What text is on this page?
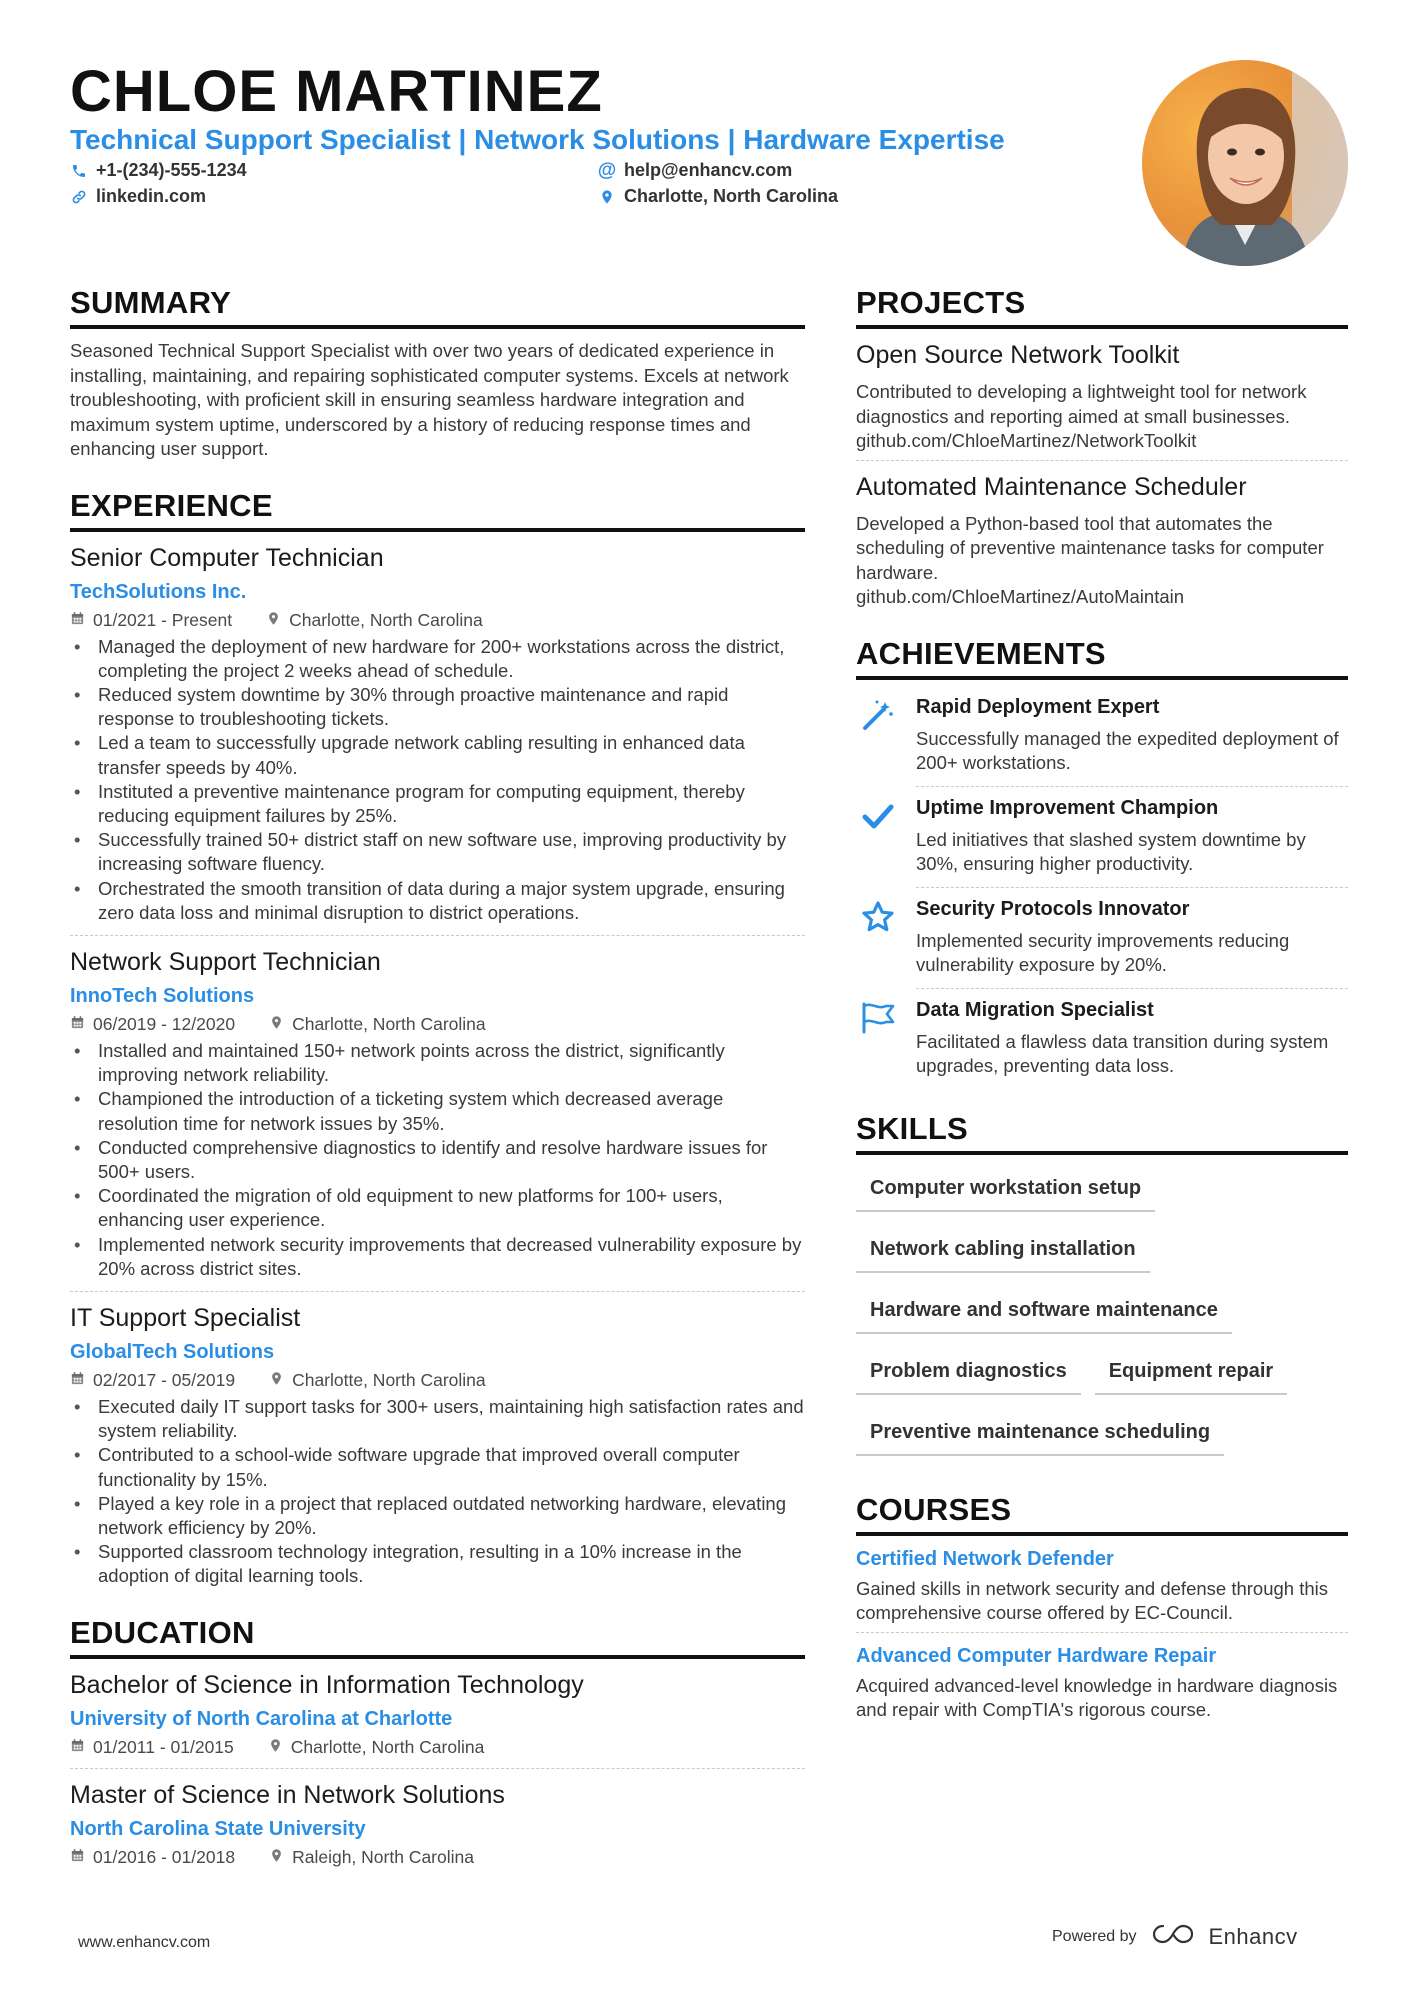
CHLOE MARTINEZ
Technical Support Specialist | Network Solutions | Hardware Expertise
+1-(234)-555-1234	@ help@enhancv.com
linkedin.com	Charlotte, North Carolina
SUMMARY
Seasoned Technical Support Specialist with over two years of dedicated experience in installing, maintaining, and repairing sophisticated computer systems. Excels at network troubleshooting, with proficient skill in ensuring seamless hardware integration and maximum system uptime, underscored by a history of reducing response times and enhancing user support.
EXPERIENCE
Senior Computer Technician
TechSolutions Inc.
01/2021 - Present	Charlotte, North Carolina
• Managed the deployment of new hardware for 200+ workstations across the district, completing the project 2 weeks ahead of schedule.
• Reduced system downtime by 30% through proactive maintenance and rapid response to troubleshooting tickets.
• Led a team to successfully upgrade network cabling resulting in enhanced data transfer speeds by 40%.
• Instituted a preventive maintenance program for computing equipment, thereby reducing equipment failures by 25%.
• Successfully trained 50+ district staff on new software use, improving productivity by increasing software fluency.
• Orchestrated the smooth transition of data during a major system upgrade, ensuring zero data loss and minimal disruption to district operations.
Network Support Technician
InnoTech Solutions
06/2019 - 12/2020	Charlotte, North Carolina
• Installed and maintained 150+ network points across the district, significantly improving network reliability.
• Championed the introduction of a ticketing system which decreased average resolution time for network issues by 35%.
• Conducted comprehensive diagnostics to identify and resolve hardware issues for 500+ users.
• Coordinated the migration of old equipment to new platforms for 100+ users, enhancing user experience.
• Implemented network security improvements that decreased vulnerability exposure by 20% across district sites.
IT Support Specialist
GlobalTech Solutions
02/2017 - 05/2019	Charlotte, North Carolina
• Executed daily IT support tasks for 300+ users, maintaining high satisfaction rates and system reliability.
• Contributed to a school-wide software upgrade that improved overall computer functionality by 15%.
• Played a key role in a project that replaced outdated networking hardware, elevating network efficiency by 20%.
• Supported classroom technology integration, resulting in a 10% increase in the adoption of digital learning tools.
EDUCATION
Bachelor of Science in Information Technology
University of North Carolina at Charlotte
01/2011 - 01/2015	Charlotte, North Carolina
Master of Science in Network Solutions
North Carolina State University
01/2016 - 01/2018	Raleigh, North Carolina
PROJECTS
Open Source Network Toolkit
Contributed to developing a lightweight tool for network diagnostics and reporting aimed at small businesses.
github.com/ChloeMartinez/NetworkToolkit
Automated Maintenance Scheduler
Developed a Python-based tool that automates the scheduling of preventive maintenance tasks for computer hardware.
github.com/ChloeMartinez/AutoMaintain
ACHIEVEMENTS
Rapid Deployment Expert
Successfully managed the expedited deployment of 200+ workstations.
Uptime Improvement Champion
Led initiatives that slashed system downtime by 30%, ensuring higher productivity.
Security Protocols Innovator
Implemented security improvements reducing vulnerability exposure by 20%.
Data Migration Specialist
Facilitated a flawless data transition during system upgrades, preventing data loss.
SKILLS
Computer workstation setup
Network cabling installation
Hardware and software maintenance
Problem diagnostics	Equipment repair
Preventive maintenance scheduling
COURSES
Certified Network Defender
Gained skills in network security and defense through this comprehensive course offered by EC-Council.
Advanced Computer Hardware Repair
Acquired advanced-level knowledge in hardware diagnosis and repair with CompTIA's rigorous course.
www.enhancv.com	Powered by	Enhancv
